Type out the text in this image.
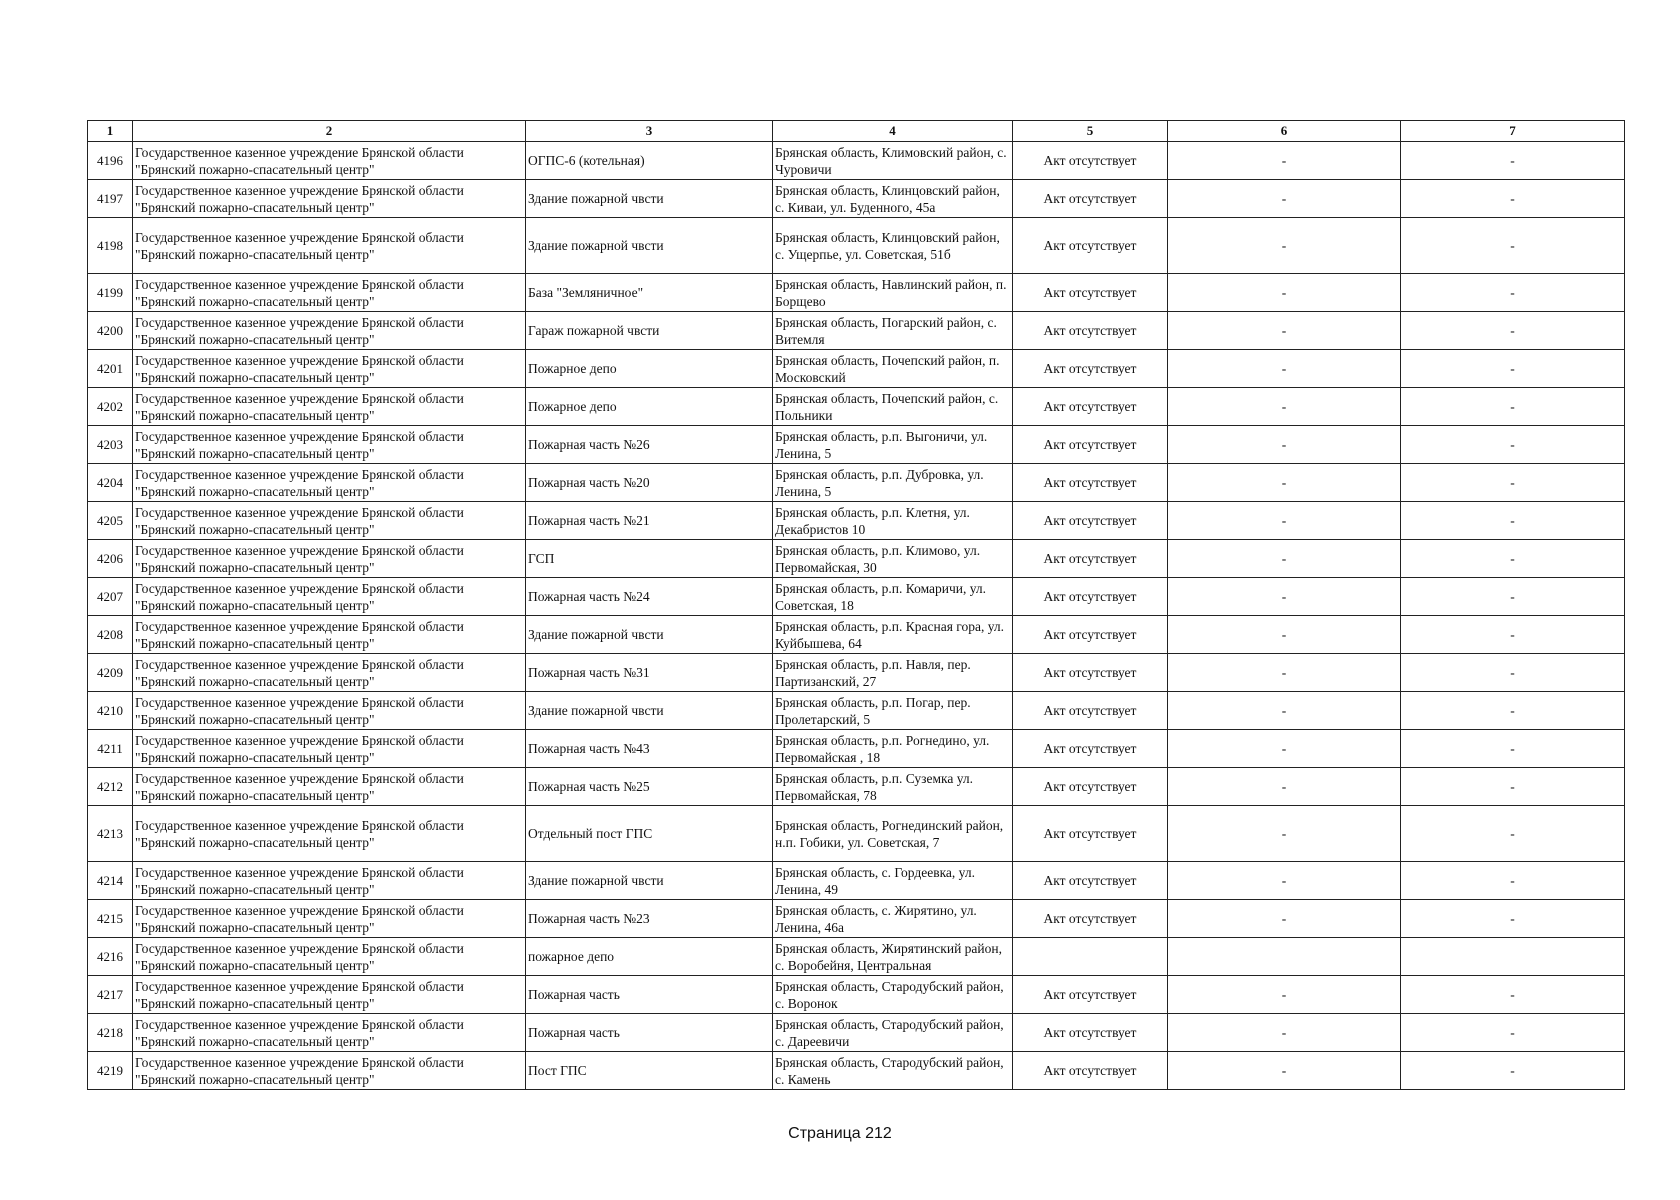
1	2	3	4	5	6	7
4196	Государственное казенное учреждение Брянской области "Брянский пожарно-спасательный центр"	ОГПС-6 (котельная)	Брянская область, Климовский район, с. Чуровичи	Акт отсутствует	-	-
4197	Государственное казенное учреждение Брянской области "Брянский пожарно-спасательный центр"	Здание пожарной чвсти	Брянская область, Клинцовский район, с. Киваи, ул. Буденного, 45а	Акт отсутствует	-	-
4198	Государственное казенное учреждение Брянской области "Брянский пожарно-спасательный центр"	Здание пожарной чвсти	Брянская область, Клинцовский район, с. Ущерпье, ул. Советская, 51б	Акт отсутствует	-	-
4199	Государственное казенное учреждение Брянской области "Брянский пожарно-спасательный центр"	База "Земляничное"	Брянская область, Навлинский район, п. Борщево	Акт отсутствует	-	-
4200	Государственное казенное учреждение Брянской области "Брянский пожарно-спасательный центр"	Гараж пожарной чвсти	Брянская область, Погарский район, с. Витемля	Акт отсутствует	-	-
4201	Государственное казенное учреждение Брянской области "Брянский пожарно-спасательный центр"	Пожарное депо	Брянская область, Почепский район, п. Московский	Акт отсутствует	-	-
4202	Государственное казенное учреждение Брянской области "Брянский пожарно-спасательный центр"	Пожарное депо	Брянская область, Почепский район, с. Польники	Акт отсутствует	-	-
4203	Государственное казенное учреждение Брянской области "Брянский пожарно-спасательный центр"	Пожарная часть №26	Брянская область, р.п. Выгоничи, ул. Ленина, 5	Акт отсутствует	-	-
4204	Государственное казенное учреждение Брянской области "Брянский пожарно-спасательный центр"	Пожарная часть №20	Брянская область, р.п. Дубровка, ул. Ленина, 5	Акт отсутствует	-	-
4205	Государственное казенное учреждение Брянской области "Брянский пожарно-спасательный центр"	Пожарная часть №21	Брянская область, р.п. Клетня, ул. Декабристов 10	Акт отсутствует	-	-
4206	Государственное казенное учреждение Брянской области "Брянский пожарно-спасательный центр"	ГСП	Брянская область, р.п. Климово, ул. Первомайская, 30	Акт отсутствует	-	-
4207	Государственное казенное учреждение Брянской области "Брянский пожарно-спасательный центр"	Пожарная часть №24	Брянская область, р.п. Комаричи, ул. Советская, 18	Акт отсутствует	-	-
4208	Государственное казенное учреждение Брянской области "Брянский пожарно-спасательный центр"	Здание пожарной чвсти	Брянская область, р.п. Красная гора, ул. Куйбышева, 64	Акт отсутствует	-	-
4209	Государственное казенное учреждение Брянской области "Брянский пожарно-спасательный центр"	Пожарная часть №31	Брянская область, р.п. Навля, пер. Партизанский, 27	Акт отсутствует	-	-
4210	Государственное казенное учреждение Брянской области "Брянский пожарно-спасательный центр"	Здание пожарной чвсти	Брянская область, р.п. Погар, пер. Пролетарский, 5	Акт отсутствует	-	-
4211	Государственное казенное учреждение Брянской области "Брянский пожарно-спасательный центр"	Пожарная часть №43	Брянская область, р.п. Рогнедино, ул. Первомайская , 18	Акт отсутствует	-	-
4212	Государственное казенное учреждение Брянской области "Брянский пожарно-спасательный центр"	Пожарная часть №25	Брянская область, р.п. Суземка ул. Первомайская, 78	Акт отсутствует	-	-
4213	Государственное казенное учреждение Брянской области "Брянский пожарно-спасательный центр"	Отдельный пост ГПС	Брянская область, Рогнединский район, н.п. Гобики, ул. Советская, 7	Акт отсутствует	-	-
4214	Государственное казенное учреждение Брянской области "Брянский пожарно-спасательный центр"	Здание пожарной чвсти	Брянская область, с. Гордеевка, ул. Ленина, 49	Акт отсутствует	-	-
4215	Государственное казенное учреждение Брянской области "Брянский пожарно-спасательный центр"	Пожарная часть №23	Брянская область, с. Жирятино, ул. Ленина, 46а	Акт отсутствует	-	-
4216	Государственное казенное учреждение Брянской области "Брянский пожарно-спасательный центр"	пожарное депо	Брянская область, Жирятинский район, с. Воробейня, Центральная			
4217	Государственное казенное учреждение Брянской области "Брянский пожарно-спасательный центр"	Пожарная часть	Брянская область, Стародубский район, с. Воронок	Акт отсутствует	-	-
4218	Государственное казенное учреждение Брянской области "Брянский пожарно-спасательный центр"	Пожарная часть	Брянская область, Стародубский район, с. Дареевичи	Акт отсутствует	-	-
4219	Государственное казенное учреждение Брянской области "Брянский пожарно-спасательный центр"	Пост ГПС	Брянская область, Стародубский район, с. Камень	Акт отсутствует	-	-
Страница 212
